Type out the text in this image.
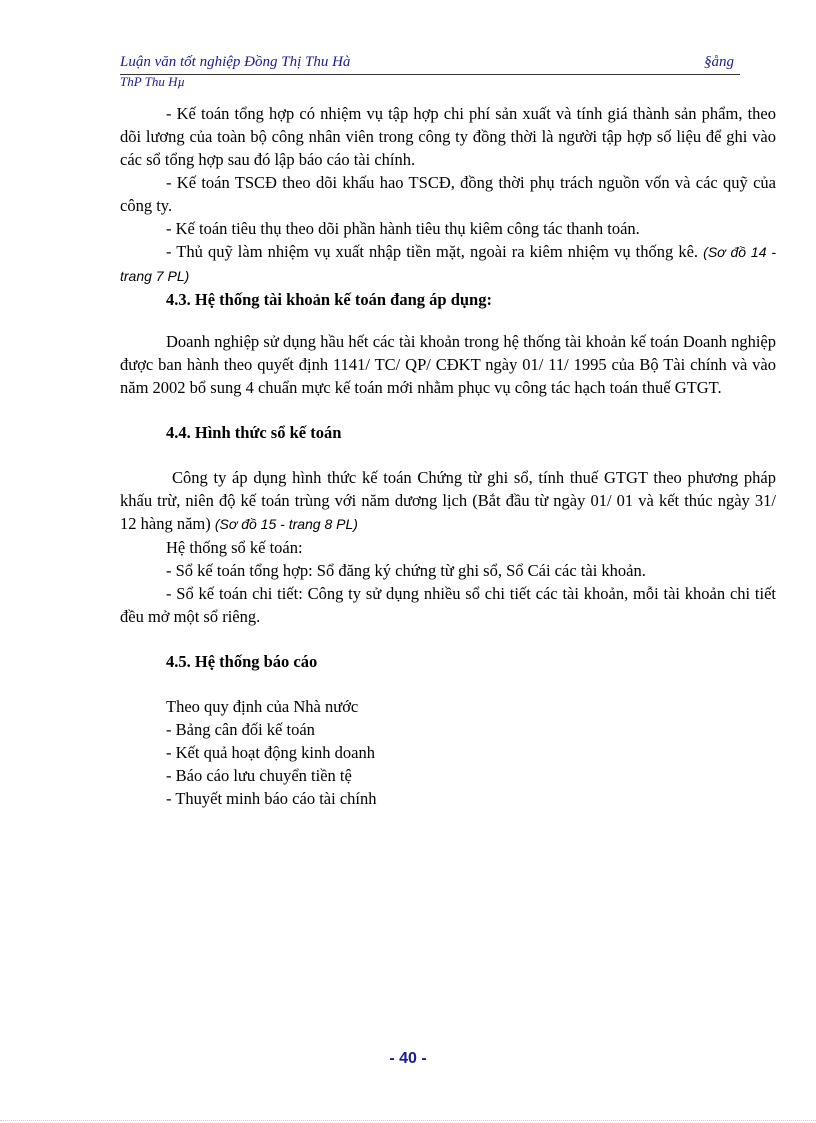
Luận văn tốt nghiệp Đồng Thị Thu Hà	§ång
ThP Thu Hµ

- Kế toán tổng hợp có nhiệm vụ tập hợp chi phí sản xuất và tính giá thành sản phẩm, theo dõi lương của toàn bộ công nhân viên trong công ty đồng thời là người tập hợp số liệu để ghi vào các sổ tổng hợp sau đó lập báo cáo tài chính.

- Kế toán TSCĐ theo dõi khấu hao TSCĐ, đồng thời phụ trách nguồn vốn và các quỹ của công ty.

- Kế toán tiêu thụ theo dõi phần hành tiêu thụ kiêm công tác thanh toán.

- Thủ quỹ làm nhiệm vụ xuất nhập tiền mặt, ngoài ra kiêm nhiệm vụ thống kê. (Sơ đồ 14 - trang 7 PL)

4.3. Hệ thống tài khoản kế toán đang áp dụng:

Doanh nghiệp sử dụng hầu hết các tài khoản trong hệ thống tài khoản kế toán Doanh nghiệp được ban hành theo quyết định 1141/ TC/ QP/ CĐKT ngày 01/ 11/ 1995 của Bộ Tài chính và vào năm 2002 bổ sung 4 chuẩn mực kế toán mới nhằm phục vụ công tác hạch toán thuế GTGT.

4.4. Hình thức sổ kế toán

Công ty áp dụng hình thức kế toán Chứng từ ghi sổ, tính thuế GTGT theo phương pháp khấu trừ, niên độ kế toán trùng với năm dương lịch (Bắt đầu từ ngày 01/ 01 và kết thúc ngày 31/ 12 hàng năm) (Sơ đồ 15 - trang 8 PL)

Hệ thống sổ kế toán:

- Sổ kế toán tổng hợp: Sổ đăng ký chứng từ ghi sổ, Sổ Cái các tài khoản.

- Sổ kế toán chi tiết: Công ty sử dụng nhiều sổ chi tiết các tài khoản, mỗi tài khoản chi tiết đều mở một sổ riêng.

4.5. Hệ thống báo cáo

Theo quy định của Nhà nước

- Bảng cân đối kế toán

- Kết quả hoạt động kinh doanh

- Báo cáo lưu chuyển tiền tệ

- Thuyết minh báo cáo tài chính

- 40 -
